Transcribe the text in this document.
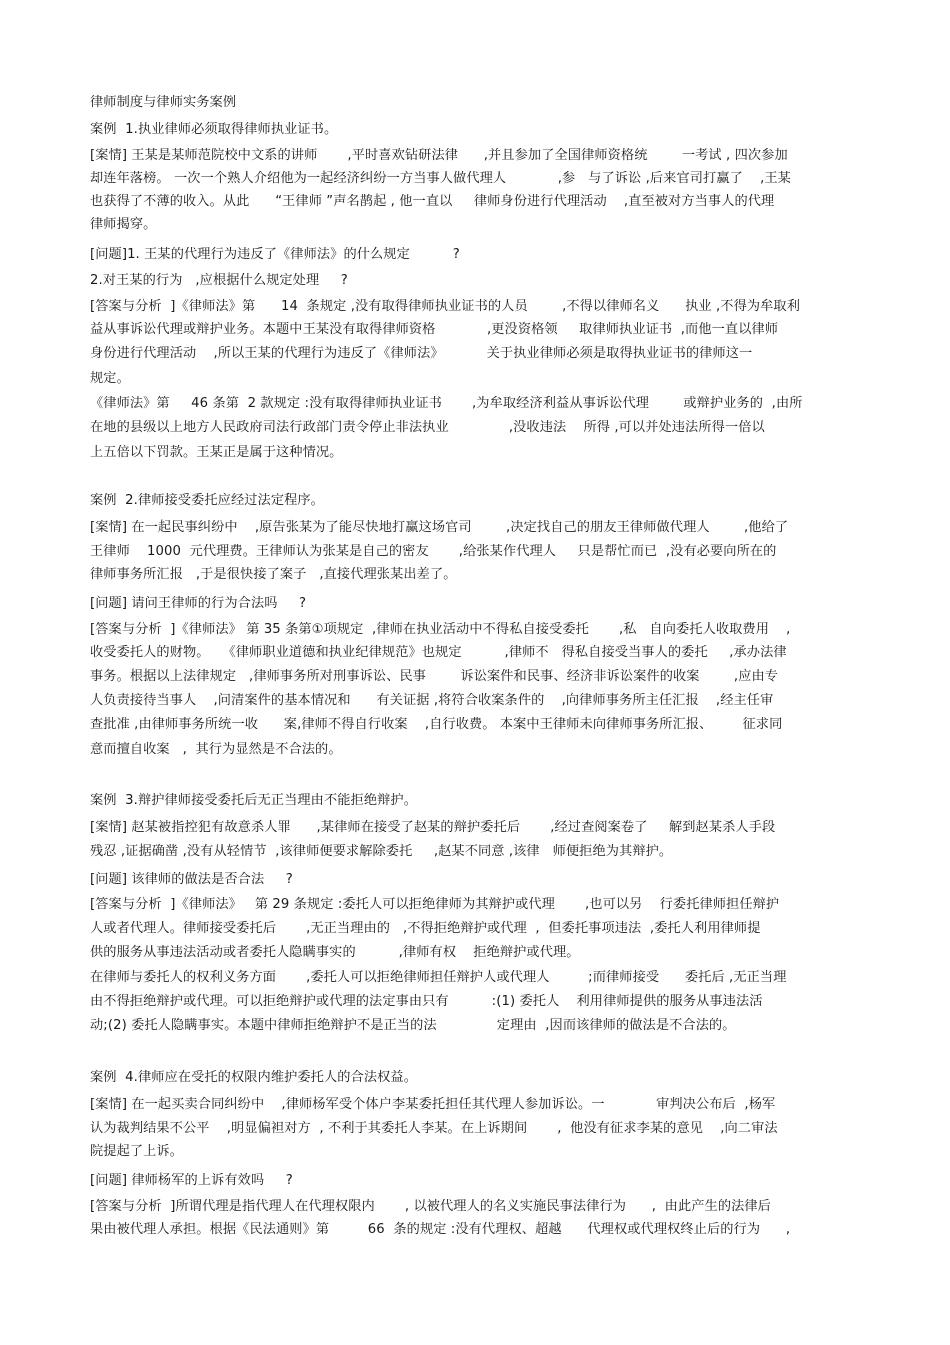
律师制度与律师实务案例
案例  1.执业律师必须取得律师执业证书。
[案情] 王某是某师范院校中文系的讲师       ,平时喜欢钻研法律      ,并且参加了全国律师资格统        一考试 , 四次参加
却连年落榜。 一次一个熟人介绍他为一起经济纠纷一方当事人做代理人            ,参   与了诉讼 ,后来官司打赢了    ,王某
也获得了不薄的收入。从此      “王律师 ”声名鹊起 , 他一直以     律师身份进行代理活动    ,直至被对方当事人的代理
律师揭穿。
[问题]1. 王某的代理行为违反了《律师法》的什么规定          ?
2.对王某的行为   ,应根据什么规定处理     ?
[答案与分析  ]《律师法》第      14  条规定 ,没有取得律师执业证书的人员        ,不得以律师名义      执业 ,不得为牟取利
益从事诉讼代理或辩护业务。本题中王某没有取得律师资格            ,更没资格领     取律师执业证书  ,而他一直以律师
身份进行代理活动    ,所以王某的代理行为违反了《律师法》          关于执业律师必须是取得执业证书的律师这一
规定。
《律师法》第     46 条第  2 款规定 :没有取得律师执业证书       ,为牟取经济利益从事诉讼代理        或辩护业务的  ,由所
在地的县级以上地方人民政府司法行政部门责令停止非法执业              ,没收违法    所得 ,可以并处违法所得一倍以
上五倍以下罚款。王某正是属于这种情况。
案例  2.律师接受委托应经过法定程序。
[案情] 在一起民事纠纷中    ,原告张某为了能尽快地打赢这场官司        ,决定找自己的朋友王律师做代理人        ,他给了
王律师    1000  元代理费。王律师认为张某是自己的密友       ,给张某作代理人     只是帮忙而已  ,没有必要向所在的
律师事务所汇报   ,于是很快接了案子   ,直接代理张某出差了。
[问题] 请问王律师的行为合法吗     ?
[答案与分析  ]《律师法》 第 35 条第①项规定  ,律师在执业活动中不得私自接受委托       ,私   自向委托人收取费用    ,
收受委托人的财物。   《律师职业道德和执业纪律规范》也规定          ,律师不   得私自接受当事人的委托     ,承办法律
事务。根据以上法律规定   ,律师事务所对刑事诉讼、民事        诉讼案件和民事、经济非诉讼案件的收案        ,应由专
人负责接待当事人    ,问清案件的基本情况和      有关证据 ,将符合收案条件的    ,向律师事务所主任汇报    ,经主任审
查批准 ,由律师事务所统一收      案,律师不得自行收案    ,自行收费。 本案中王律师未向律师事务所汇报、       征求同
意而擅自收案   ,  其行为显然是不合法的。
案例  3.辩护律师接受委托后无正当理由不能拒绝辩护。
[案情] 赵某被指控犯有故意杀人罪      ,某律师在接受了赵某的辩护委托后       ,经过查阅案卷了     解到赵某杀人手段
残忍 ,证据确凿 ,没有从轻情节  ,该律师便要求解除委托     ,赵某不同意 ,该律   师便拒绝为其辩护。
[问题] 该律师的做法是否合法     ?
[答案与分析  ]《律师法》   第 29 条规定 :委托人可以拒绝律师为其辩护或代理       ,也可以另    行委托律师担任辩护
人或者代理人。律师接受委托后       ,无正当理由的   ,不得拒绝辩护或代理  ,  但委托事项违法  ,委托人利用律师提
供的服务从事违法活动或者委托人隐瞒事实的          ,律师有权    拒绝辩护或代理。
在律师与委托人的权利义务方面       ,委托人可以拒绝律师担任辩护人或代理人         ;而律师接受      委托后 ,无正当理
由不得拒绝辩护或代理。可以拒绝辩护或代理的法定事由只有          :(1) 委托人    利用律师提供的服务从事违法活
动;(2) 委托人隐瞒事实。本题中律师拒绝辩护不是正当的法              定理由  ,因而该律师的做法是不合法的。
案例  4.律师应在受托的权限内维护委托人的合法权益。
[案情] 在一起买卖合同纠纷中    ,律师杨军受个体户李某委托担任其代理人参加诉讼。一            审判决公布后  ,杨军
认为裁判结果不公平    ,明显偏袒对方  , 不利于其委托人李某。在上诉期间       ,  他没有征求李某的意见    ,向二审法
院提起了上诉。
[问题] 律师杨军的上诉有效吗     ?
[答案与分析  ]所谓代理是指代理人在代理权限内       , 以被代理人的名义实施民事法律行为      ,  由此产生的法律后
果由被代理人承担。根据《民法通则》第         66  条的规定 :没有代理权、超越      代理权或代理权终止后的行为      ,
